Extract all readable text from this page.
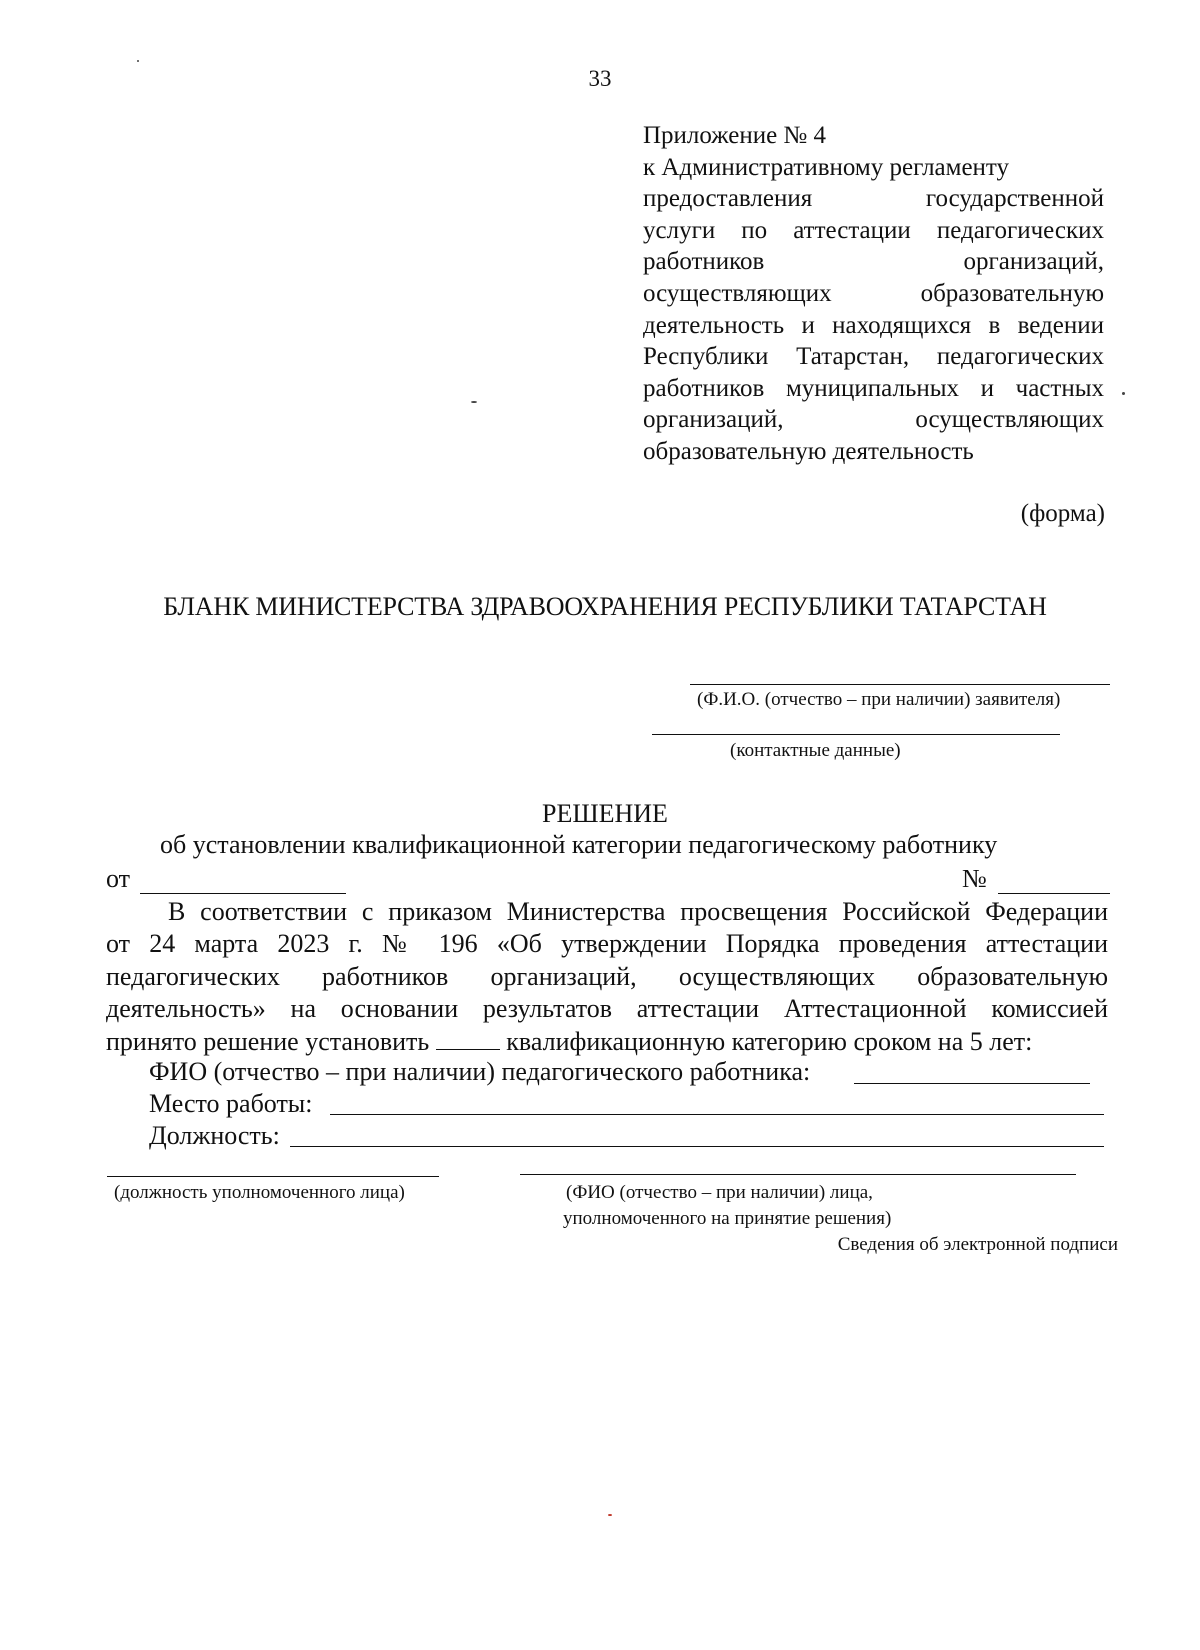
33
Приложение № 4
к Административному регламенту
предоставления государственной
услуги по аттестации педагогических
работников организаций,
осуществляющих образовательную
деятельность и находящихся в ведении
Республики Татарстан, педагогических
работников муниципальных и частных
организаций, осуществляющих
образовательную деятельность
(форма)
БЛАНК МИНИСТЕРСТВА ЗДРАВООХРАНЕНИЯ РЕСПУБЛИКИ ТАТАРСТАН
(Ф.И.О. (отчество – при наличии) заявителя)
(контактные данные)
РЕШЕНИЕ
об установлении квалификационной категории педагогическому работнику
от	№
В соответствии с приказом Министерства просвещения Российской Федерации
от 24 марта 2023 г. № 196 «Об утверждении Порядка проведения аттестации
педагогических работников организаций, осуществляющих образовательную
деятельность» на основании результатов аттестации Аттестационной комиссией
принято решение установить	квалификационную категорию сроком на 5 лет:
ФИО (отчество – при наличии) педагогического работника:
Место работы:
Должность:
(должность уполномоченного лица)	(ФИО (отчество – при наличии) лица,
уполномоченного на принятие решения)
Сведения об электронной подписи
